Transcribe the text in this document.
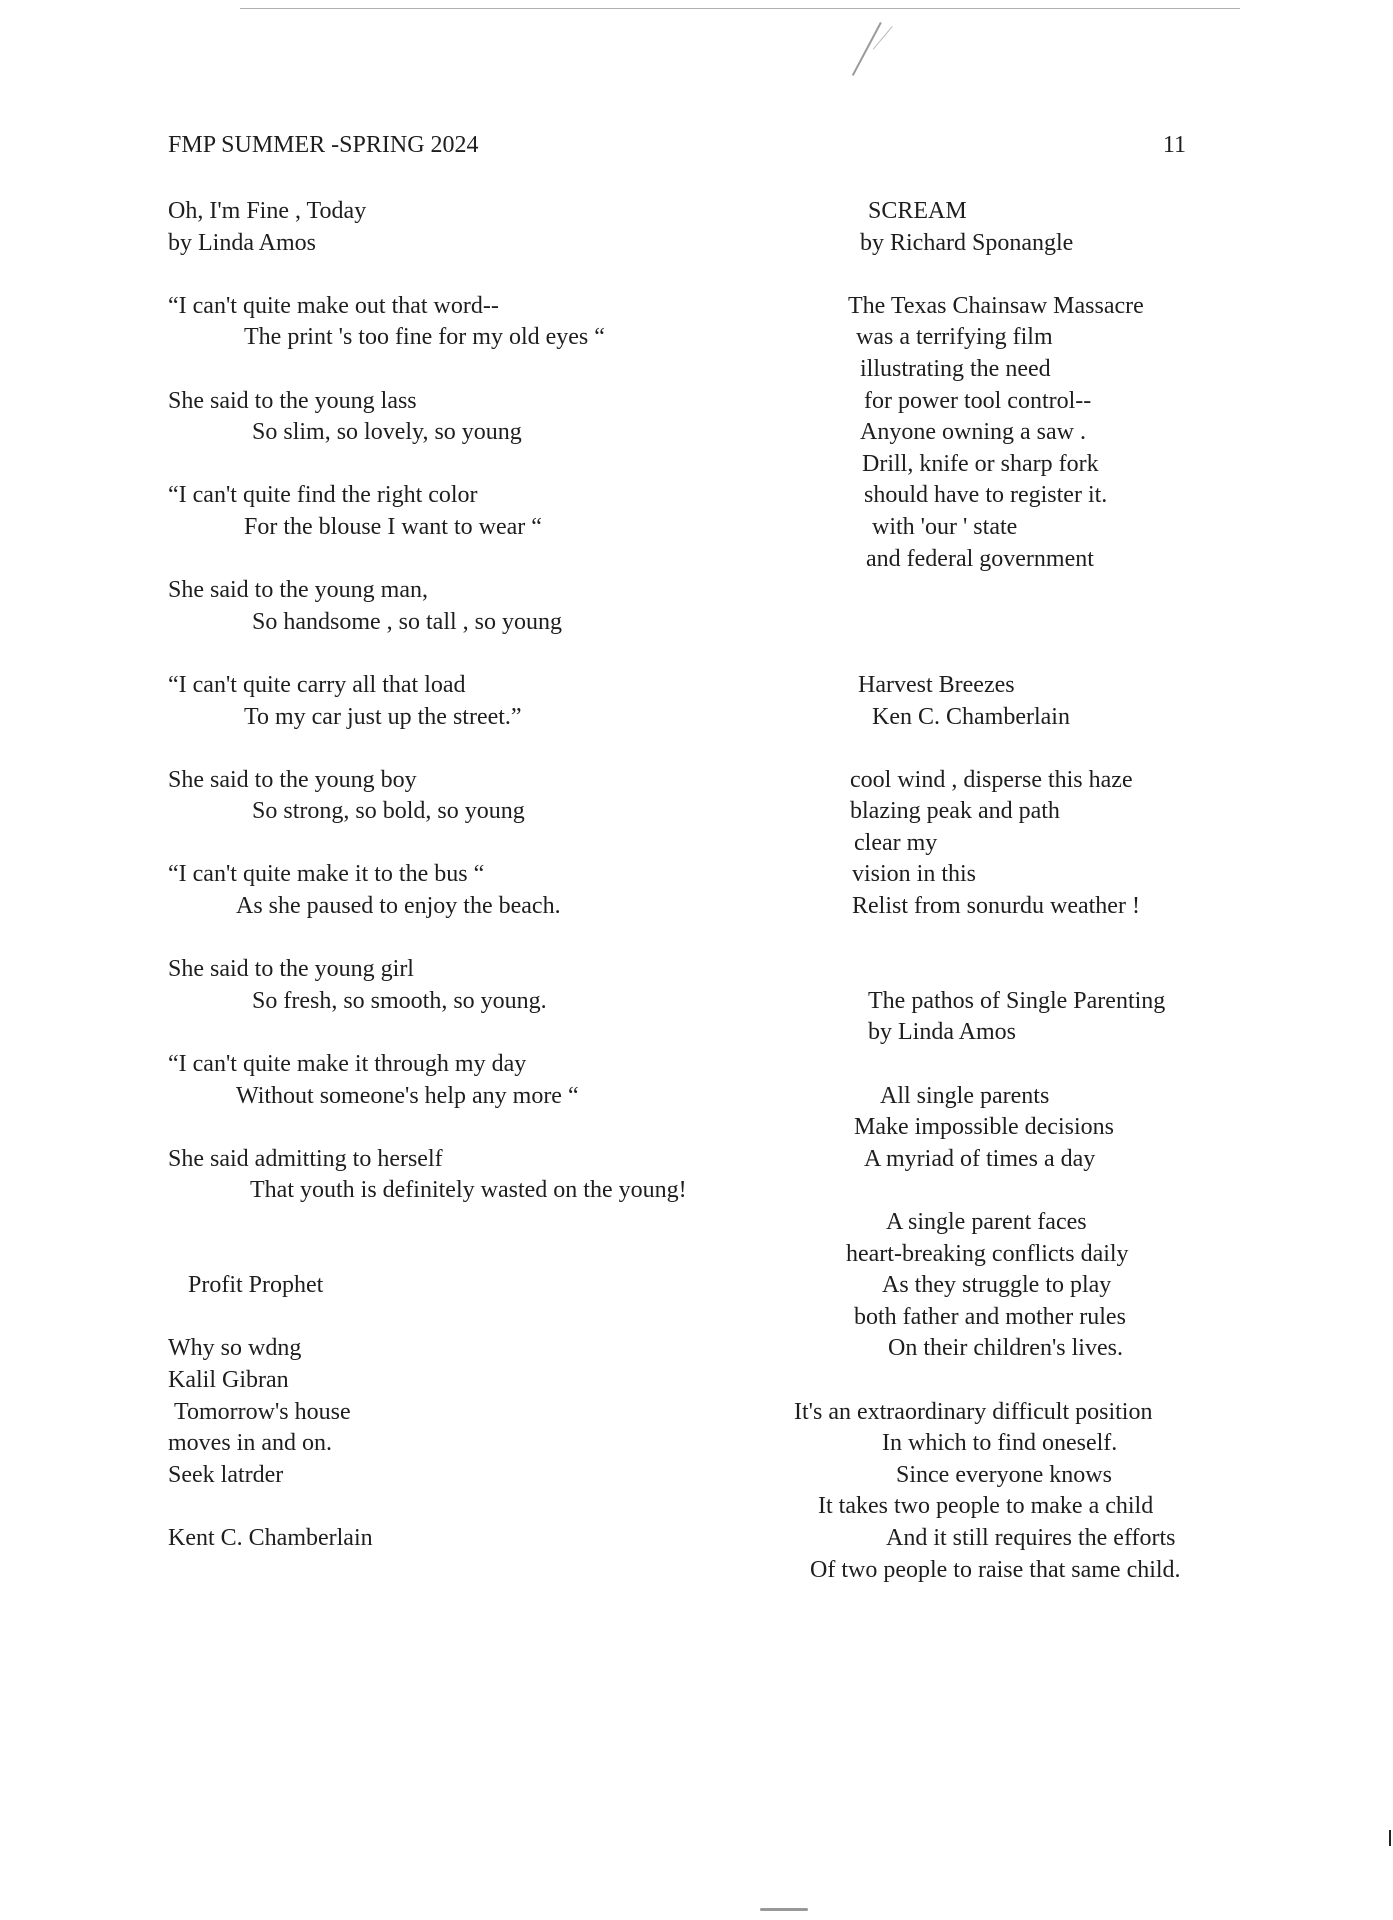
FMP SUMMER -SPRING 2024	11
Oh, I'm Fine , Today
by Linda Amos
“I can't quite make out that word--
The print 's too fine for my old eyes “
She said to the young lass
So slim, so lovely, so young
“I can't quite find the right color
For the blouse I want to wear “
She said to the young man,
So handsome , so tall , so young
“I can't quite carry all that load
To my car just up the street.”
She said to the young boy
So strong, so bold, so young
“I can't quite make it to the bus “
As she paused to enjoy the beach.
She said to the young girl
So fresh, so smooth, so young.
“I can't quite make it through my day
Without someone's help any more “
She said admitting to herself
That youth is definitely wasted on the young!
Profit Prophet
Why so wdng
Kalil Gibran
Tomorrow's house
moves in and on.
Seek latrder
Kent C. Chamberlain
SCREAM
by Richard Sponangle
The Texas Chainsaw Massacre
was a terrifying film
illustrating the need
for power tool control--
Anyone owning a saw .
Drill, knife or sharp fork
should have to register it.
with 'our ' state
and federal government
Harvest Breezes
Ken C. Chamberlain
cool wind , disperse this haze
blazing peak and path
clear my
vision in this
Relist from sonurdu weather !
The pathos of Single Parenting
by Linda Amos
All single parents
Make impossible decisions
A myriad of times a day
A single parent faces
heart-breaking conflicts daily
As they struggle to play
both father and mother rules
On their children's lives.
It's an extraordinary difficult position
In which to find oneself.
Since everyone knows
It takes two people to make a child
And it still requires the efforts
Of two people to raise that same child.
